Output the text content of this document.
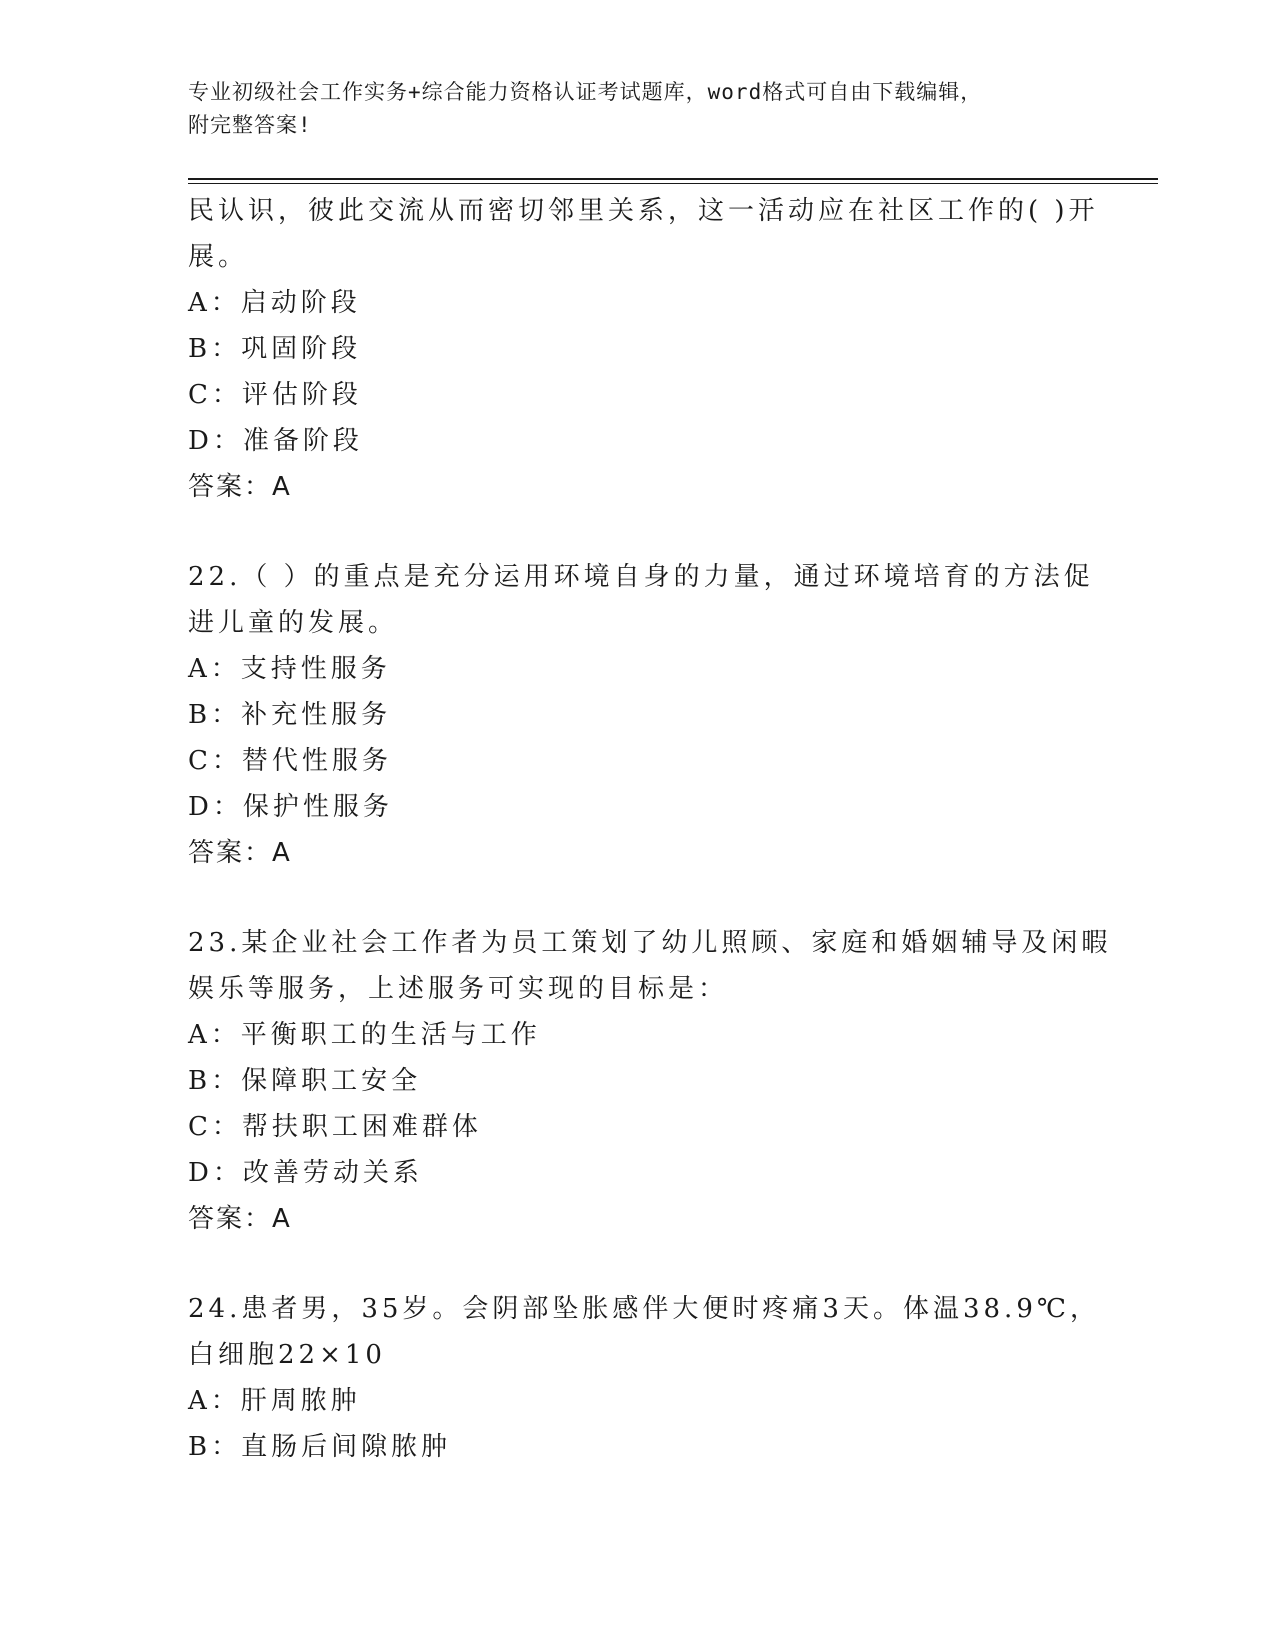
专业初级社会工作实务+综合能力资格认证考试题库，word格式可自由下载编辑，
附完整答案!
民认识，彼此交流从而密切邻里关系，这一活动应在社区工作的( )开
展。
A：启动阶段
B：巩固阶段
C：评估阶段
D：准备阶段
答案：A
22.（ ）的重点是充分运用环境自身的力量，通过环境培育的方法促
进儿童的发展。
A：支持性服务
B：补充性服务
C：替代性服务
D：保护性服务
答案：A
23.某企业社会工作者为员工策划了幼儿照顾、家庭和婚姻辅导及闲暇
娱乐等服务，上述服务可实现的目标是：
A：平衡职工的生活与工作
B：保障职工安全
C：帮扶职工困难群体
D：改善劳动关系
答案：A
24.患者男，35岁。会阴部坠胀感伴大便时疼痛3天。体温38.9℃，
白细胞22×10
A：肝周脓肿
B：直肠后间隙脓肿
